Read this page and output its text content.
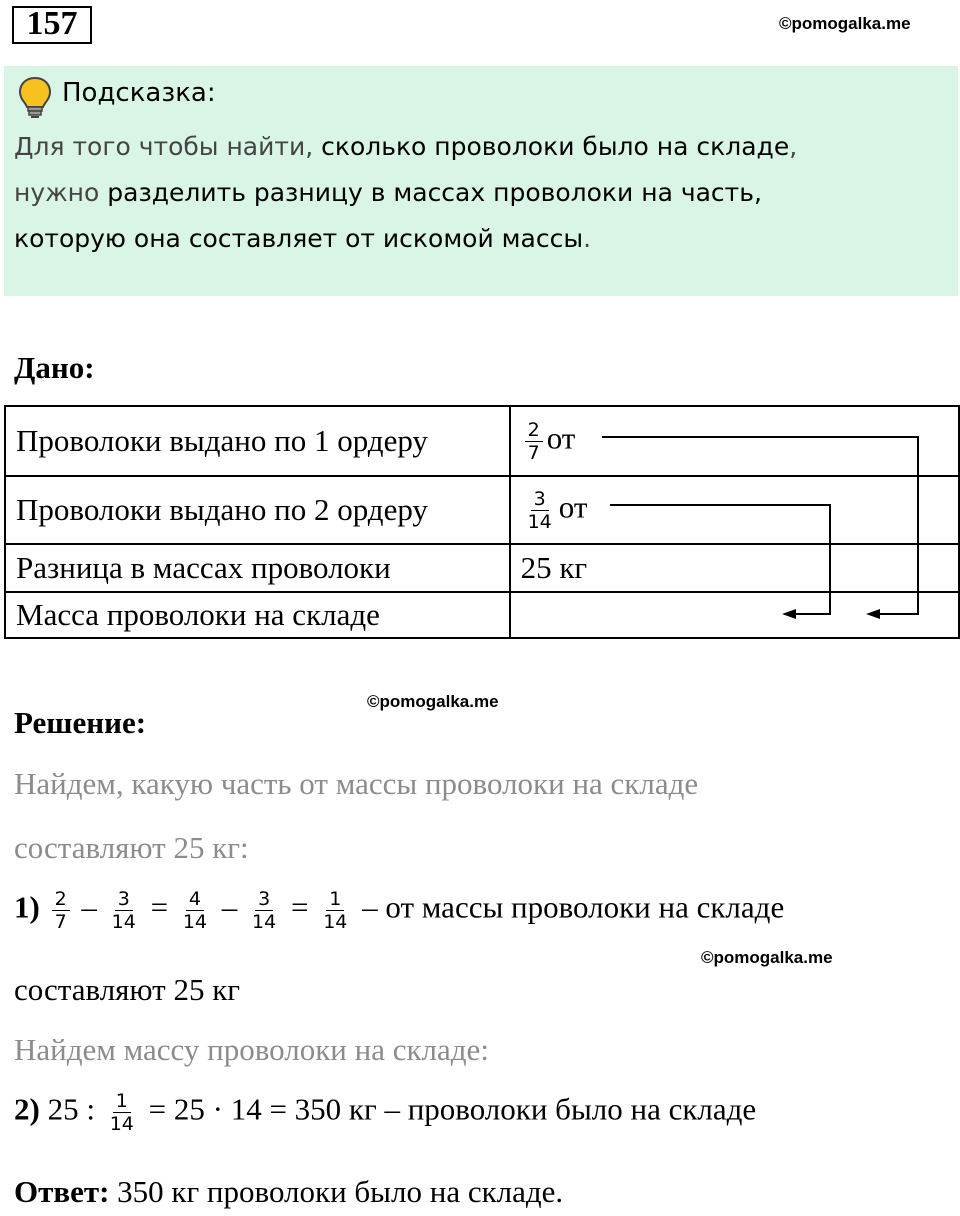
157	©pomogalka.me
Подсказка:
Для того чтобы найти, сколько проволоки было на складе,
нужно разделить разницу в массах проволоки на часть,
которую она составляет от искомой массы.
Дано:
Проволоки выдано по 1 ордеру	$\frac{2}{7}$ от
Проволоки выдано по 2 ордеру	$\frac{3}{14}$ от
Разница в массах проволоки	25 кг
Масса проволоки на складе	
©pomogalka.me
Решение:
Найдем, какую часть от массы проволоки на складе
составляют 25 кг:
$1) \frac{2}{7} - \frac{3}{14} = \frac{4}{14} - \frac{3}{14} = \frac{1}{14}$ – от массы проволоки на складе
©pomogalka.me
составляют 25 кг
Найдем массу проволоки на складе:
2) 25 : $\frac{1}{14} = 25 \cdot 14 = 350$ кг – проволоки было на складе
Ответ: 350 кг проволоки было на складе.
